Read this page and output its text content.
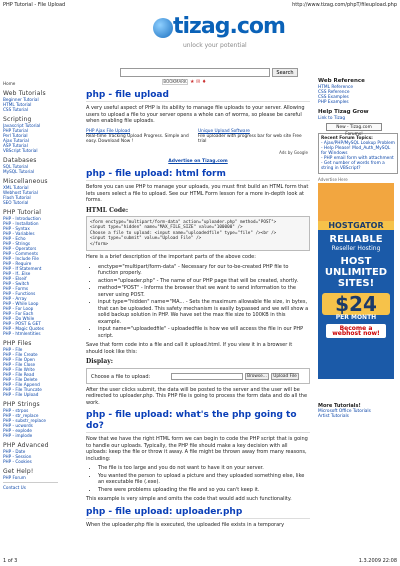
PHP Tutorial - File Upload	http://www.tizag.com/phpT/fileupload.php
tizag.com
unlock your potential
Search
Home
Web Tutorials
Beginner Tutorial
HTML Tutorial
CSS Tutorial
Scripting
Javascript Tutorial
PHP Tutorial
Perl Tutorial
Ajax Tutorial
ASP Tutorial
VBScript Tutorial
Databases
SQL Tutorial
MySQL Tutorial
Miscellaneous
XML Tutorial
Webhost Tutorial
Flash Tutorial
SEO Tutorial
PHP Tutorial
PHP - Introduction
PHP - Installation
PHP - Syntax
PHP - Variables
PHP - Echo
PHP - Strings
PHP - Operators
PHP - Comments
PHP - Include File
PHP - Require
PHP - If Statement
PHP - If...Else
PHP - Elseif
PHP - Switch
PHP - Forms
PHP - Functions
PHP - Array
PHP - While Loop
PHP - For Loop
PHP - For Each
PHP - Do While
PHP - POST & GET
PHP - Magic Quotes
PHP - htmlentities
PHP Files
PHP - File
PHP - File Create
PHP - File Open
PHP - File Close
PHP - File Write
PHP - File Read
PHP - File Delete
PHP - File Append
PHP - File Truncate
PHP - File Upload
PHP Strings
PHP - strpos
PHP - str_replace
PHP - substr_replace
PHP - ucwords
PHP - explode
PHP - implode
PHP Advanced
PHP - Date
PHP - Session
PHP - Cookies
Get Help!
PHP Forum
Contact Us
BOOKMARK ★ ✉ ♦
php - file upload

A very useful aspect of PHP is its ability to manage file uploads to your server. Allowing users to upload a file to your server opens a whole can of worms, so please be careful when enabling file uploads.

PHP Ajax File Upload
Real-time Tracking Upload Progress. Simple and easy. Download Now !
Unique Upload Software
File uploader with progress bar for web site Free trial
Ads by Google
Advertise on Tizag.com
php - file upload: html form

Before you can use PHP to manage your uploads, you must first build an HTML form that lets users select a file to upload. See our HTML Form lesson for a more in-depth look at forms.

HTML Code:
<form enctype="multipart/form-data" action="uploader.php" method="POST">
<input type="hidden" name="MAX_FILE_SIZE" value="100000" />
Choose a file to upload: <input name="uploadedfile" type="file" /><br />
<input type="submit" value="Upload File" />
</form>

Here is a brief description of the important parts of the above code:

• enctype="multipart/form-data" - Necessary for our to-be-created PHP file to function properly.
• action="uploader.php" - The name of our PHP page that will be created, shortly.
• method="POST" - Informs the browser that we want to send information to the server using POST.
• input type="hidden" name="MA... - Sets the maximum allowable file size, in bytes, that can be uploaded. This safety mechanism is easily bypassed and we will show a solid backup solution in PHP. We have set the max file size to 100KB in this example.
• input name="uploadedfile" - uploadedfile is how we will access the file in our PHP script.

Save that form code into a file and call it upload.html. If you view it in a browser it should look like this:

Display:
Choose a file to upload:	Browse...	Upload File

After the user clicks submit, the data will be posted to the server and the user will be redirected to uploader.php. This PHP file is going to process the form data and do all the work.

php - file upload: what's the php going to do?

Now that we have the right HTML form we can begin to code the PHP script that is going to handle our uploads. Typically, the PHP file should make a key decision with all uploads: keep the file or throw it away. A file might be thrown away from many reasons, including:

• The file is too large and you do not want to have it on your server.
• You wanted the person to upload a picture and they uploaded something else, like an executable file (.exe).
• There were problems uploading the file and so you can't keep it.

This example is very simple and omits the code that would add such functionality.

php - file upload: uploader.php

When the uploader.php file is executed, the uploaded file exists in a temporary

Web Reference
HTML Reference
CSS Reference
CSS Examples
PHP Examples
Help Tizag Grow
Link to Tizag
New - Tizag.com Forums!
Recent Forum Topics:
- Ajax/PHP/MySQL Lookup Problem
- Help Please! Mod_Auth_MySQL for Windows
- PHP email form with attachment
- Get number of words from a string in VBScript?
Advertise Here
HOSTGATOR
RELIABLE
Reseller Hosting
HOST
UNLIMITED
SITES!
$24
PER MONTH
Become a webhost now!
More Tutorials!
Microsoft Office Tutorials
Artist Tutorials
1 of 3	1.3.2009 22:08
